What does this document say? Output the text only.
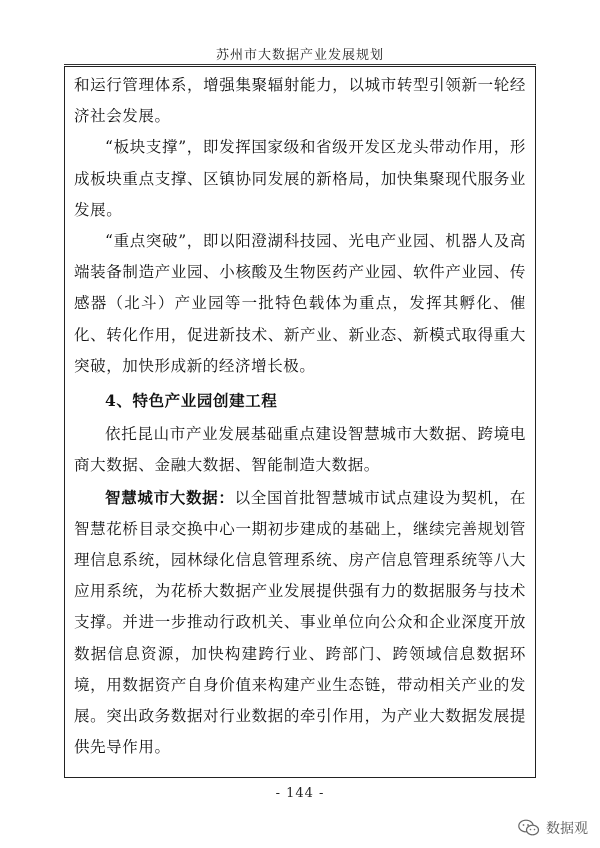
苏州市大数据产业发展规划

和运行管理体系，增强集聚辐射能力，以城市转型引领新一轮经济社会发展。

“板块支撑”，即发挥国家级和省级开发区龙头带动作用，形成板块重点支撑、区镇协同发展的新格局，加快集聚现代服务业发展。

“重点突破”，即以阳澄湖科技园、光电产业园、机器人及高端装备制造产业园、小核酸及生物医药产业园、软件产业园、传感器（北斗）产业园等一批特色载体为重点，发挥其孵化、催化、转化作用，促进新技术、新产业、新业态、新模式取得重大突破，加快形成新的经济增长极。

4、特色产业园创建工程

依托昆山市产业发展基础重点建设智慧城市大数据、跨境电商大数据、金融大数据、智能制造大数据。

智慧城市大数据：以全国首批智慧城市试点建设为契机，在智慧花桥目录交换中心一期初步建成的基础上，继续完善规划管理信息系统，园林绿化信息管理系统、房产信息管理系统等八大应用系统，为花桥大数据产业发展提供强有力的数据服务与技术支撑。并进一步推动行政机关、事业单位向公众和企业深度开放数据信息资源，加快构建跨行业、跨部门、跨领域信息数据环境，用数据资产自身价值来构建产业生态链，带动相关产业的发展。突出政务数据对行业数据的牵引作用，为产业大数据发展提供先导作用。

- 144 -
数据观
